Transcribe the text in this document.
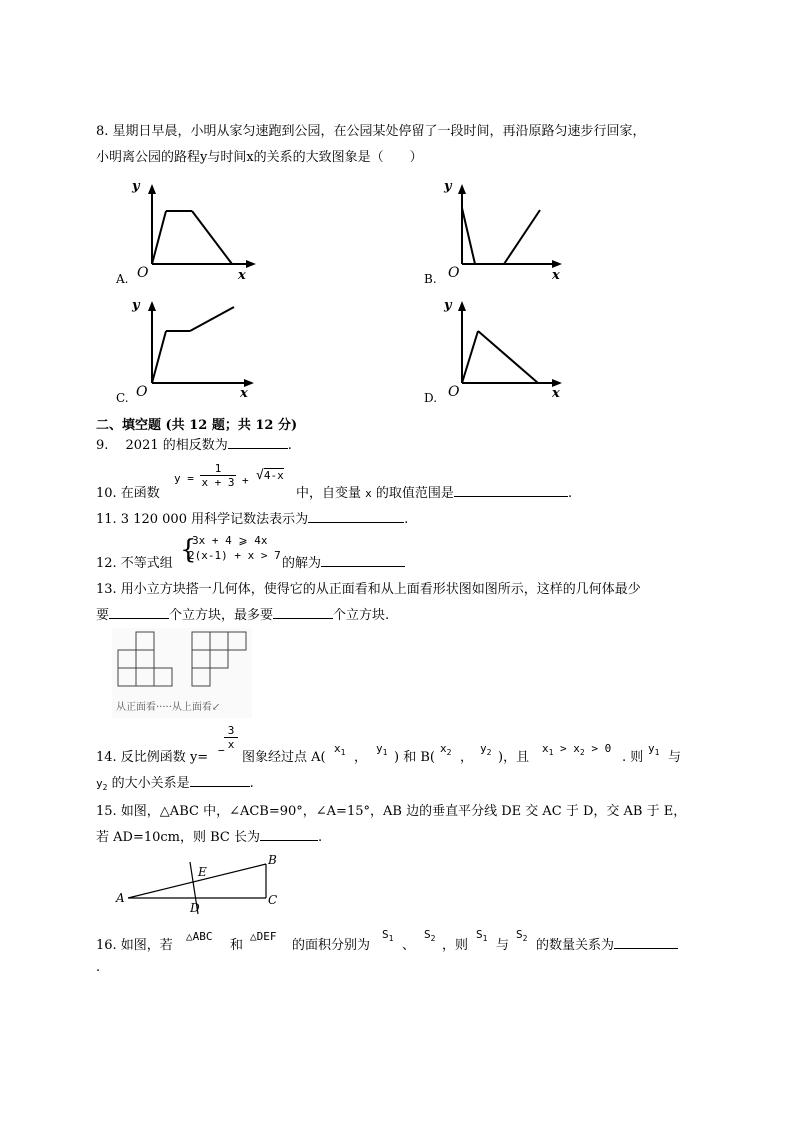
8. 星期日早晨，小明从家匀速跑到公园，在公园某处停留了一段时间，再沿原路匀速步行回家，
小明离公园的路程y与时间x的关系的大致图象是（　　）
y
x
O
A.
y
x
O
B.
y
x
O
C.
y
x
O
D.
二、填空题 (共 12 题；共 12 分)
9.　 2021 的相反数为	.
10. 在函数
$y = \frac{1}{x + 3} + √4-x$
中，自变量 x 的取值范围是	.
11. 3 120 000 用科学记数法表示为	.
12. 不等式组 {
3x + 4 ⩾ 4x
2(x-1) + x > 7
的解为
13. 用小立方块搭一几何体，使得它的从正面看和从上面看形状图如图所示，这样的几何体最少
要	个立方块，最多要	个立方块.
从正面看·····从上面看↙
14. 反比例函数 $y= - \frac{3}{x}$
图象经过点 A(
$x_1$ ，
$y_1$ ) 和 B(
$x_2$ ，
$y_2$ )，且
$x_1 > x_2 > 0$
. 则
$y_1$ 与
$y_2$ 的大小关系是	.
15. 如图，△ABC 中，∠ACB=90°，∠A=15°，AB 边的垂直平分线 DE 交 AC 于 D，交 AB 于 E，
若 AD=10cm，则 BC 长为	.
A
B
C
D
E
16. 如图，若
△ABC
和
△DEF
的面积分别为
$S_1$ 、
$S_2$ ，则
$S_1$ 与
$S_2$ 的数量关系为
.
